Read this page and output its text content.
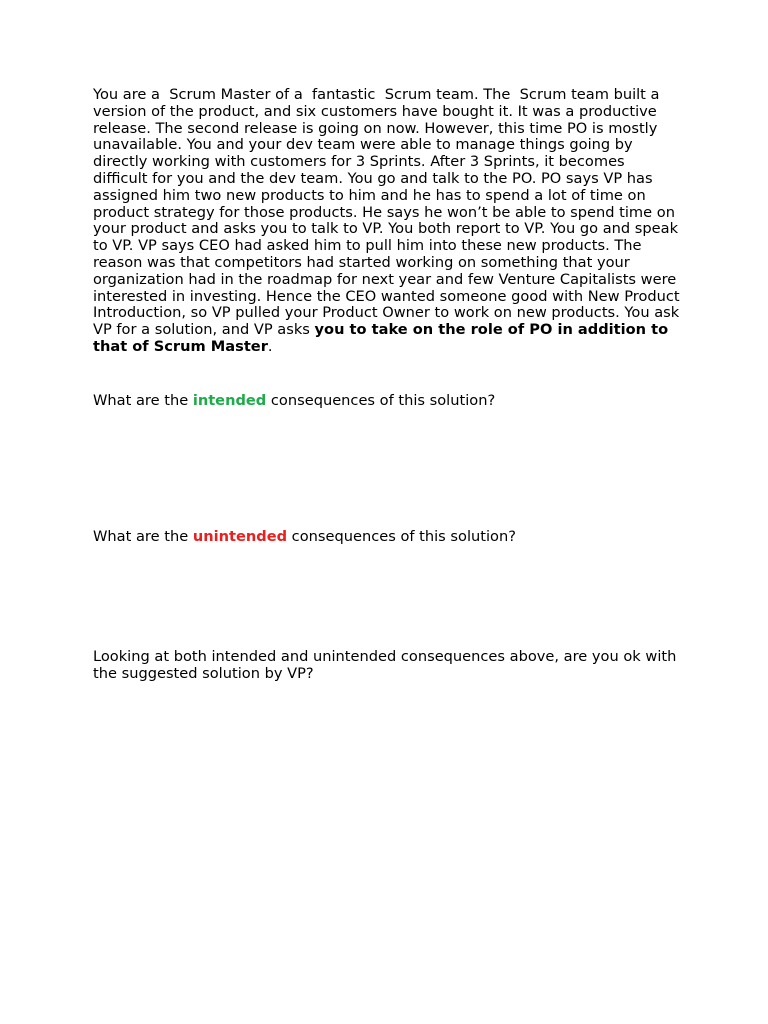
You are a  Scrum Master of a  fantastic  Scrum team. The  Scrum team built a version of the product, and six customers have bought it. It was a productive release. The second release is going on now. However, this time PO is mostly unavailable. You and your dev team were able to manage things going by directly working with customers for 3 Sprints. After 3 Sprints, it becomes difficult for you and the dev team. You go and talk to the PO. PO says VP has assigned him two new products to him and he has to spend a lot of time on product strategy for those products. He says he won’t be able to spend time on your product and asks you to talk to VP. You both report to VP. You go and speak to VP. VP says CEO had asked him to pull him into these new products. The reason was that competitors had started working on something that your organization had in the roadmap for next year and few Venture Capitalists were interested in investing. Hence the CEO wanted someone good with New Product Introduction, so VP pulled your Product Owner to work on new products. You ask VP for a solution, and VP asks you to take on the role of PO in addition to that of Scrum Master.

What are the intended consequences of this solution?

What are the unintended consequences of this solution?

Looking at both intended and unintended consequences above, are you ok with the suggested solution by VP?
